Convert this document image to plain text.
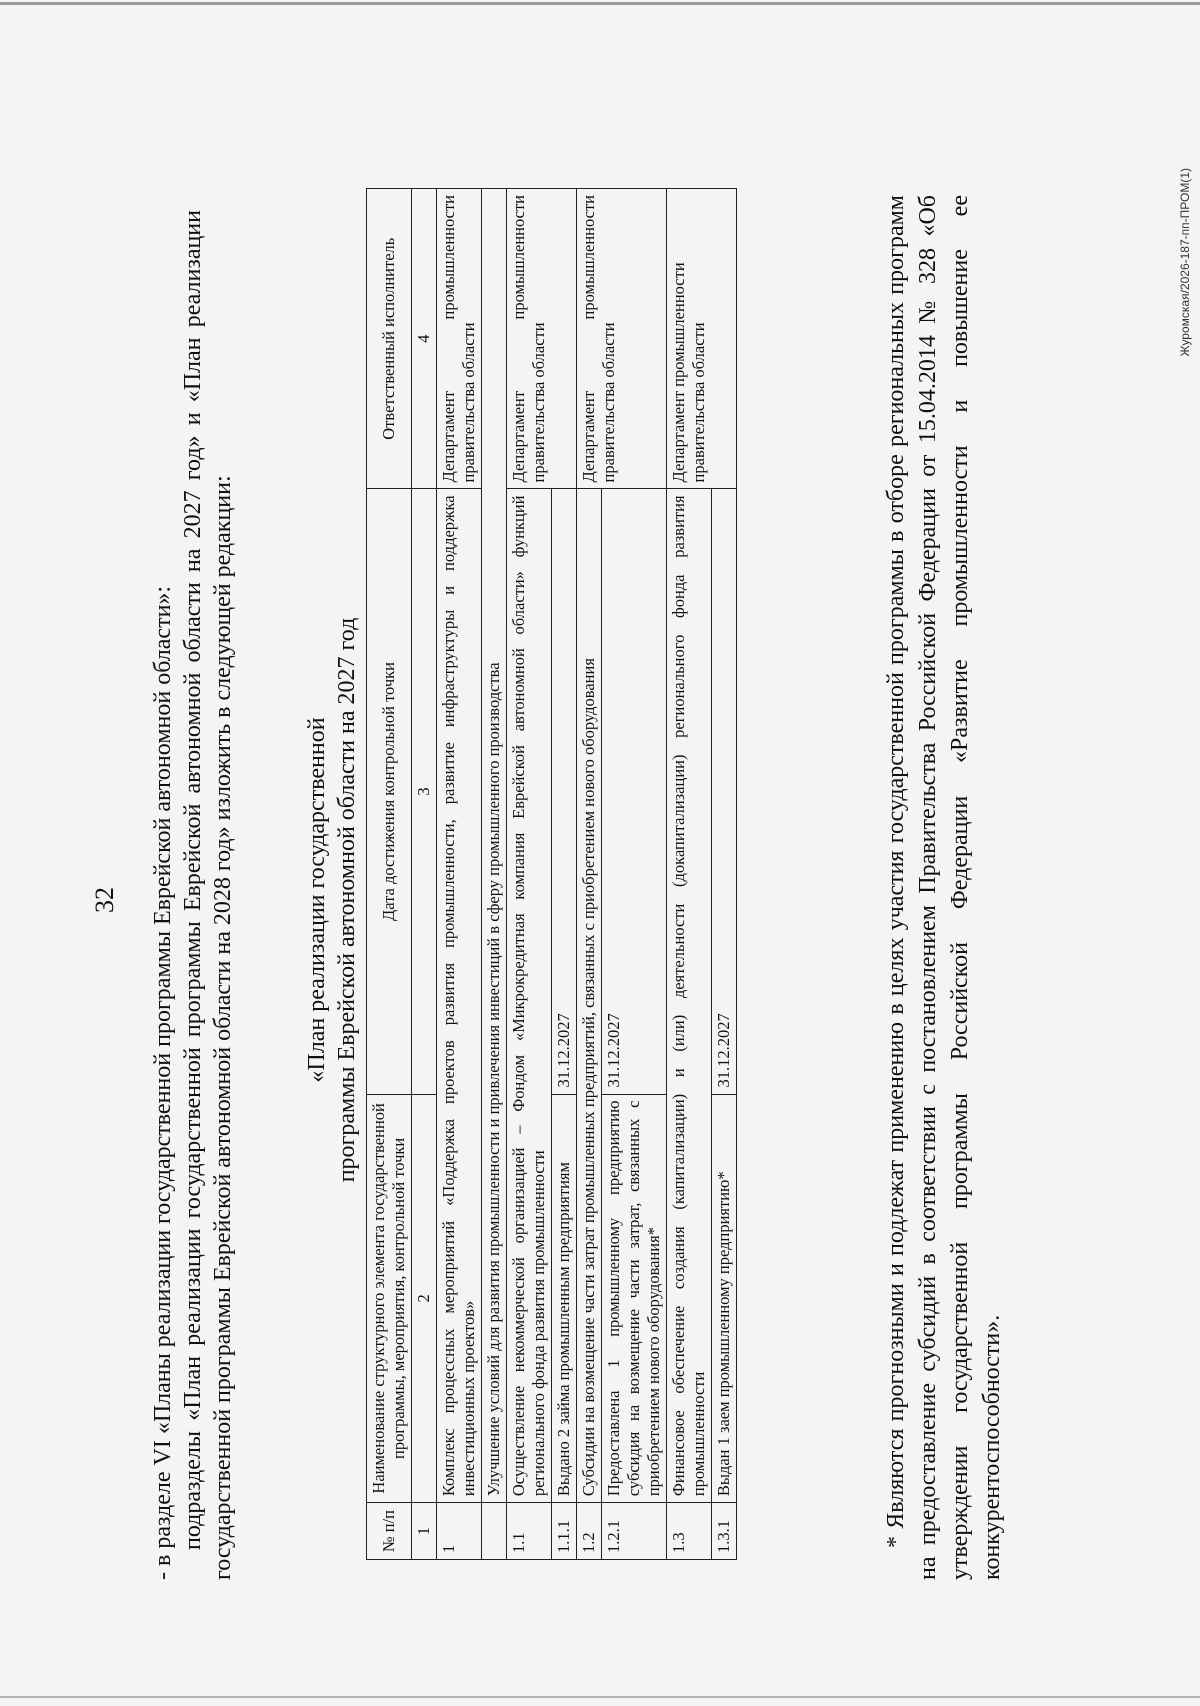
32 - в разделе VI «Планы реализации государственной программы Еврейской автономной области»: подразделы «План реализации государственной программы Еврейской автономной области на 2027 год» и «План реализации государственной программы Еврейской автономной области на 2028 год» изложить в следующей редакции:	«План реализации государственной программы Еврейской автономной области на 2027 год
№ п/п	Наименование структурного элемента государственной программы, мероприятия, контрольной точки	Дата достижения контрольной точки	Ответственный исполнитель
1	2	3	4
1	Комплекс процессных мероприятий «Поддержка проектов развития промышленности, развитие инфраструктуры и поддержка инвестиционных проектов»		Департамент промышленности правительства области
	Улучшение условий для развития промышленности и привлечения инвестиций в сферу промышленного производства		
1.1	Осуществление некоммерческой организацией – Фондом «Микрокредитная компания Еврейской автономной области» функций регионального фонда развития промышленности		Департамент промышленности правительства области
1.1.1	Выдано 2 займа промышленным предприятиям	31.12.2027	
1.2	Субсидии на возмещение части затрат промышленных предприятий, связанных с приобретением нового оборудования		Департамент промышленности правительства области
1.2.1	Предоставлена 1 промышленному предприятию субсидия на возмещение части затрат, связанных с приобретением нового оборудования*	31.12.2027	
1.3	Финансовое обеспечение создания (капитализации) и (или) деятельности (докапитализации) регионального фонда развития промышленности		Департамент промышленности правительства области
1.3.1	Выдан 1 заем промышленному предприятию*	31.12.2027		* Являются прогнозными и подлежат применению в целях участия государственной программы в отборе региональных программ на предоставление субсидий в соответствии с постановлением Правительства Российской Федерации от 15.04.2014 № 328 «Об утверждении государственной программы Российской Федерации «Развитие промышленности и повышение ее конкурентоспособности».

Журомская/2026-187-пп-ПРОМ(1)
